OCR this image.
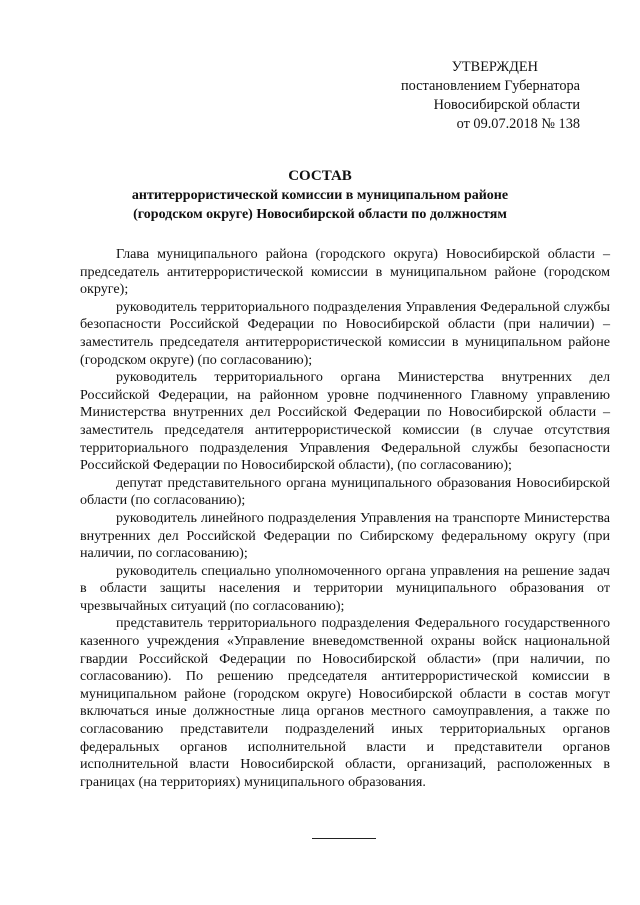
УТВЕРЖДЕН
постановлением Губернатора
Новосибирской области
от 09.07.2018 № 138
СОСТАВ
антитеррористической комиссии в муниципальном районе
(городском округе) Новосибирской области по должностям

Глава муниципального района (городского округа) Новосибирской области – председатель антитеррористической комиссии в муниципальном районе (городском округе);

руководитель территориального подразделения Управления Федеральной службы безопасности Российской Федерации по Новосибирской области (при наличии) – заместитель председателя антитеррористической комиссии в муниципальном районе (городском округе) (по согласованию);

руководитель территориального органа Министерства внутренних дел Российской Федерации, на районном уровне подчиненного Главному управлению Министерства внутренних дел Российской Федерации по Новосибирской области – заместитель председателя антитеррористической комиссии (в случае отсутствия территориального подразделения Управления Федеральной службы безопасности Российской Федерации по Новосибирской области), (по согласованию);

депутат представительного органа муниципального образования Новосибирской области (по согласованию);

руководитель линейного подразделения Управления на транспорте Министерства внутренних дел Российской Федерации по Сибирскому федеральному округу (при наличии, по согласованию);

руководитель специально уполномоченного органа управления на решение задач в области защиты населения и территории муниципального образования от чрезвычайных ситуаций (по согласованию);

представитель территориального подразделения Федерального государственного казенного учреждения «Управление вневедомственной охраны войск национальной гвардии Российской Федерации по Новосибирской области» (при наличии, по согласованию). По решению председателя антитеррористической комиссии в муниципальном районе (городском округе) Новосибирской области в состав могут включаться иные должностные лица органов местного самоуправления, а также по согласованию представители подразделений иных территориальных органов федеральных органов исполнительной власти и представители органов исполнительной власти Новосибирской области, организаций, расположенных в границах (на территориях) муниципального образования.
